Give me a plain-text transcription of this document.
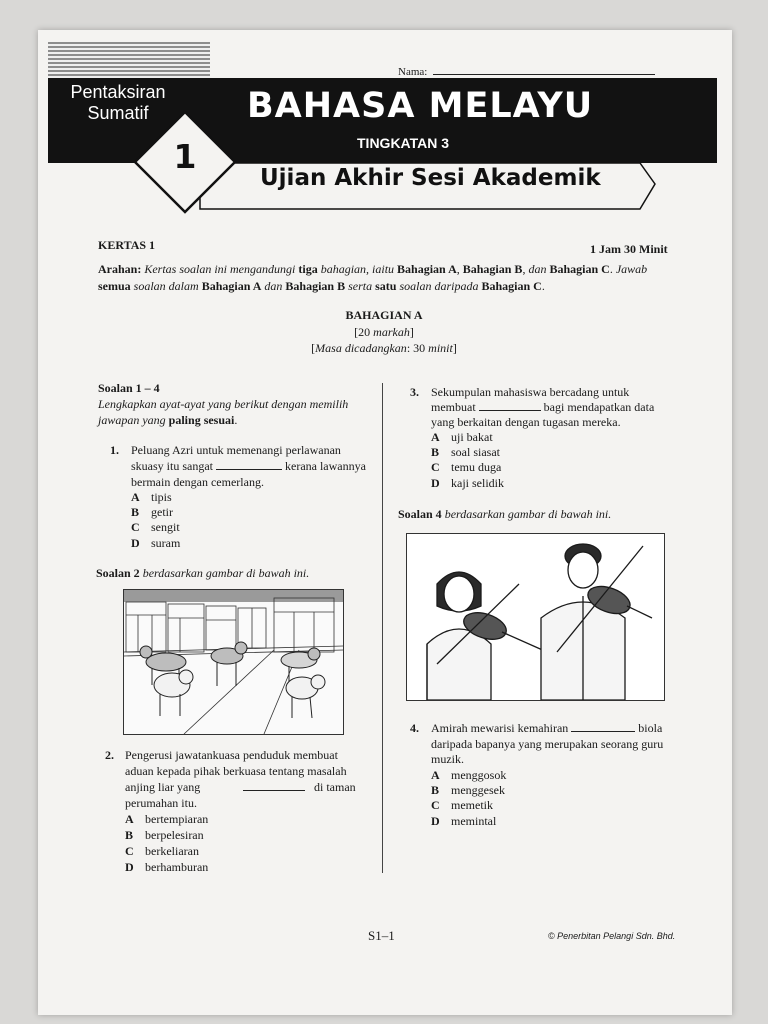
Nama:
Pentaksiran
Sumatif
1
BAHASA MELAYU
TINGKATAN 3
Ujian Akhir Sesi Akademik
KERTAS 1	1 Jam 30 Minit
Arahan: Kertas soalan ini mengandungi tiga bahagian, iaitu Bahagian A, Bahagian B, dan Bahagian C. Jawab
semua soalan dalam Bahagian A dan Bahagian B serta satu soalan daripada Bahagian C.
BAHAGIAN A
[20 markah]
[Masa dicadangkan: 30 minit]
Soalan 1 – 4
Lengkapkan ayat-ayat yang berikut dengan memilih
jawapan yang paling sesuai.
1. Peluang Azri untuk memenangi perlawanan
skuasy itu sangat	kerana lawannya
bermain dengan cemerlang.
A tipis
B getir
C sengit
D suram
Soalan 2 berdasarkan gambar di bawah ini.
2. Pengerusi jawatankuasa penduduk membuat
aduan kepada pihak berkuasa tentang masalah
anjing liar yang	di taman
perumahan itu.
A bertempiaran
B berpelesiran
C berkeliaran
D berhamburan
3. Sekumpulan mahasiswa bercadang untuk
membuat	bagi mendapatkan data
yang berkaitan dengan tugasan mereka.
A uji bakat
B soal siasat
C temu duga
D kaji selidik
Soalan 4 berdasarkan gambar di bawah ini.
4. Amirah mewarisi kemahiran	biola
daripada bapanya yang merupakan seorang guru
muzik.
A menggosok
B menggesek
C memetik
D memintal
S1–1	© Penerbitan Pelangi Sdn. Bhd.
